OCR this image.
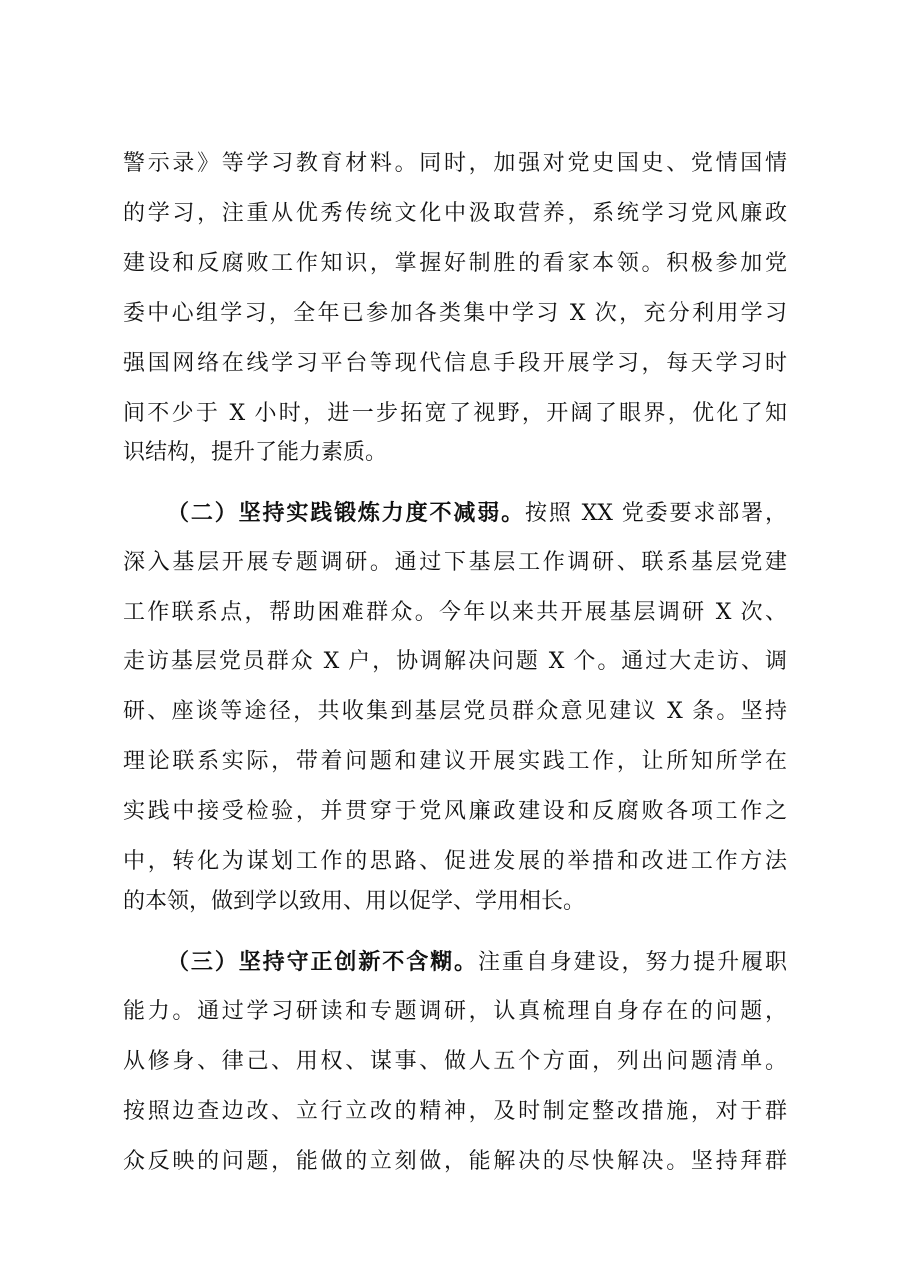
警示录》等学习教育材料。同时，加强对党史国史、党情国情
的学习，注重从优秀传统文化中汲取营养，系统学习党风廉政
建设和反腐败工作知识，掌握好制胜的看家本领。积极参加党
委中心组学习，全年已参加各类集中学习 X 次，充分利用学习
强国网络在线学习平台等现代信息手段开展学习，每天学习时
间不少于 X 小时，进一步拓宽了视野，开阔了眼界，优化了知
识结构，提升了能力素质。
（二）坚持实践锻炼力度不减弱。按照 XX 党委要求部署，
深入基层开展专题调研。通过下基层工作调研、联系基层党建
工作联系点，帮助困难群众。今年以来共开展基层调研 X 次、
走访基层党员群众 X 户，协调解决问题 X 个。通过大走访、调
研、座谈等途径，共收集到基层党员群众意见建议 X 条。坚持
理论联系实际，带着问题和建议开展实践工作，让所知所学在
实践中接受检验，并贯穿于党风廉政建设和反腐败各项工作之
中，转化为谋划工作的思路、促进发展的举措和改进工作方法
的本领，做到学以致用、用以促学、学用相长。
（三）坚持守正创新不含糊。注重自身建设，努力提升履职
能力。通过学习研读和专题调研，认真梳理自身存在的问题，
从修身、律己、用权、谋事、做人五个方面，列出问题清单。
按照边查边改、立行立改的精神，及时制定整改措施，对于群
众反映的问题，能做的立刻做，能解决的尽快解决。坚持拜群
